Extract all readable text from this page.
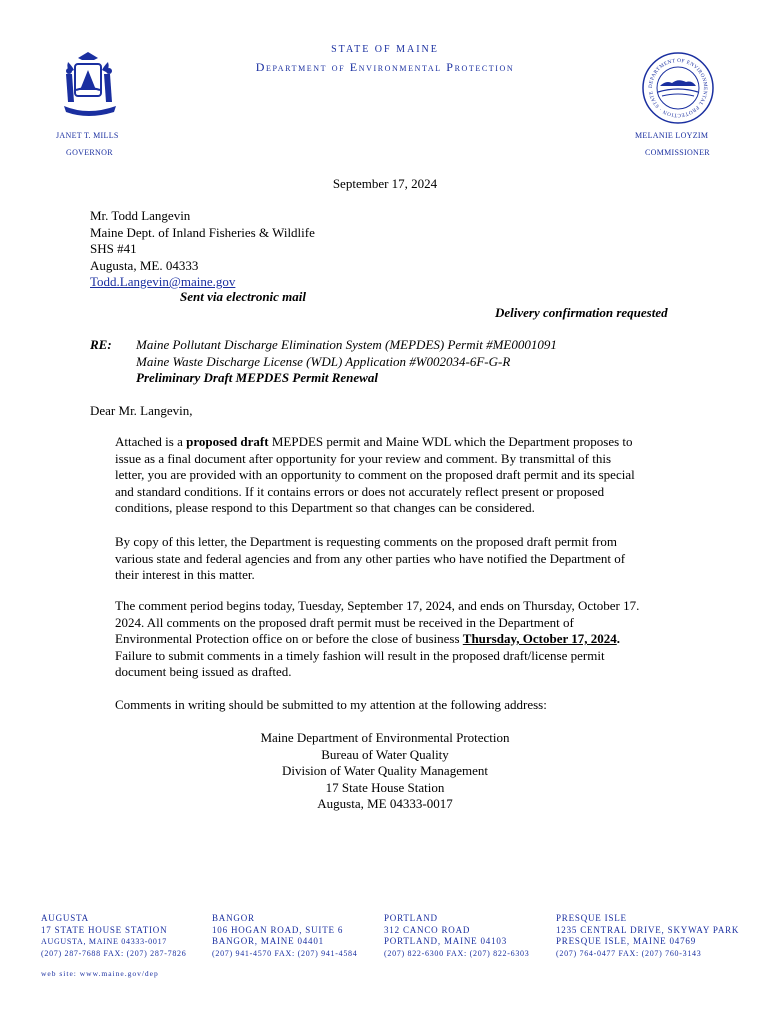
STATE OF MAINE
Department of Environmental Protection
DEPARTMENT OF ENVIRONMENTAL PROTECTION · STATE
JANET T. MILLS
GOVERNOR
MELANIE LOYZIM
COMMISSIONER
September 17, 2024
Mr. Todd Langevin
Maine Dept. of Inland Fisheries & Wildlife
SHS #41
Augusta, ME. 04333
Todd.Langevin@maine.gov
Sent via electronic mail
Delivery confirmation requested
RE: Maine Pollutant Discharge Elimination System (MEPDES) Permit #ME0001091
Maine Waste Discharge License (WDL) Application #W002034-6F-G-R
Preliminary Draft MEPDES Permit Renewal
Dear Mr. Langevin,
Attached is a proposed draft MEPDES permit and Maine WDL which the Department proposes to
issue as a final document after opportunity for your review and comment. By transmittal of this
letter, you are provided with an opportunity to comment on the proposed draft permit and its special
and standard conditions. If it contains errors or does not accurately reflect present or proposed
conditions, please respond to this Department so that changes can be considered.
By copy of this letter, the Department is requesting comments on the proposed draft permit from
various state and federal agencies and from any other parties who have notified the Department of
their interest in this matter.
The comment period begins today, Tuesday, September 17, 2024, and ends on Thursday, October 17.
2024. All comments on the proposed draft permit must be received in the Department of
Environmental Protection office on or before the close of business Thursday, October 17, 2024.
Failure to submit comments in a timely fashion will result in the proposed draft/license permit
document being issued as drafted.
Comments in writing should be submitted to my attention at the following address:
Maine Department of Environmental Protection
Bureau of Water Quality
Division of Water Quality Management
17 State House Station
Augusta, ME 04333-0017
AUGUSTA
17 STATE HOUSE STATION
AUGUSTA, MAINE 04333-0017
(207) 287-7688 FAX: (207) 287-7826
BANGOR
106 HOGAN ROAD, SUITE 6
BANGOR, MAINE 04401
(207) 941-4570 FAX: (207) 941-4584
PORTLAND
312 CANCO ROAD
PORTLAND, MAINE 04103
(207) 822-6300 FAX: (207) 822-6303
PRESQUE ISLE
1235 CENTRAL DRIVE, SKYWAY PARK
PRESQUE ISLE, MAINE 04769
(207) 764-0477 FAX: (207) 760-3143
web site: www.maine.gov/dep
